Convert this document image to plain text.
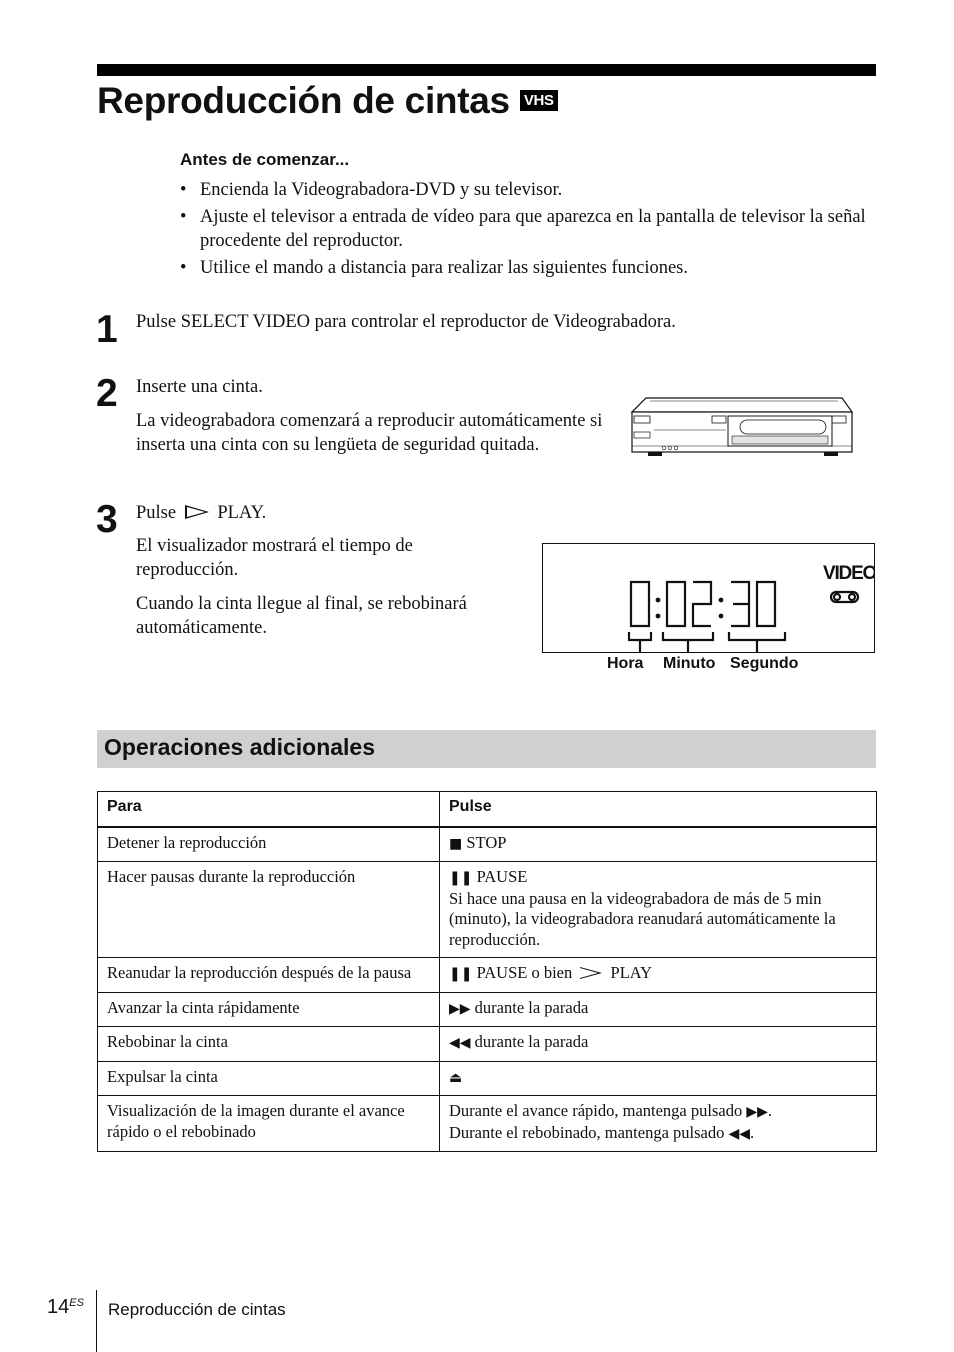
Reproducción de cintas VHS
Antes de comenzar...
• Encienda la Videograbadora-DVD y su televisor.
• Ajuste el televisor a entrada de vídeo para que aparezca en la pantalla de televisor la señal procedente del reproductor.
• Utilice el mando a distancia para realizar las siguientes funciones.
1 Pulse SELECT VIDEO para controlar el reproductor de Videograbadora.
2 Inserte una cinta.
La videograbadora comenzará a reproducir automáticamente si inserta una cinta con su lengüeta de seguridad quitada.
3 Pulse PLAY.
El visualizador mostrará el tiempo de reproducción.
Cuando la cinta llegue al final, se rebobinará automáticamente.
VIDEO
Hora Minuto Segundo
Operaciones adicionales
Para	Pulse
Detener la reproducción	■ STOP
Hacer pausas durante la reproducción	❚❚ PAUSE
Si hace una pausa en la videograbadora de más de 5 min (minuto), la videograbadora reanudará automáticamente la reproducción.
Reanudar la reproducción después de la pausa	❚❚ PAUSE o bien PLAY
Avanzar la cinta rápidamente	▶▶ durante la parada
Rebobinar la cinta	◀◀ durante la parada
Expulsar la cinta	⏏
Visualización de la imagen durante el avance rápido o el rebobinado	Durante el avance rápido, mantenga pulsado ▶▶.
Durante el rebobinado, mantenga pulsado ◀◀.
$14^{ES}$ Reproducción de cintas
